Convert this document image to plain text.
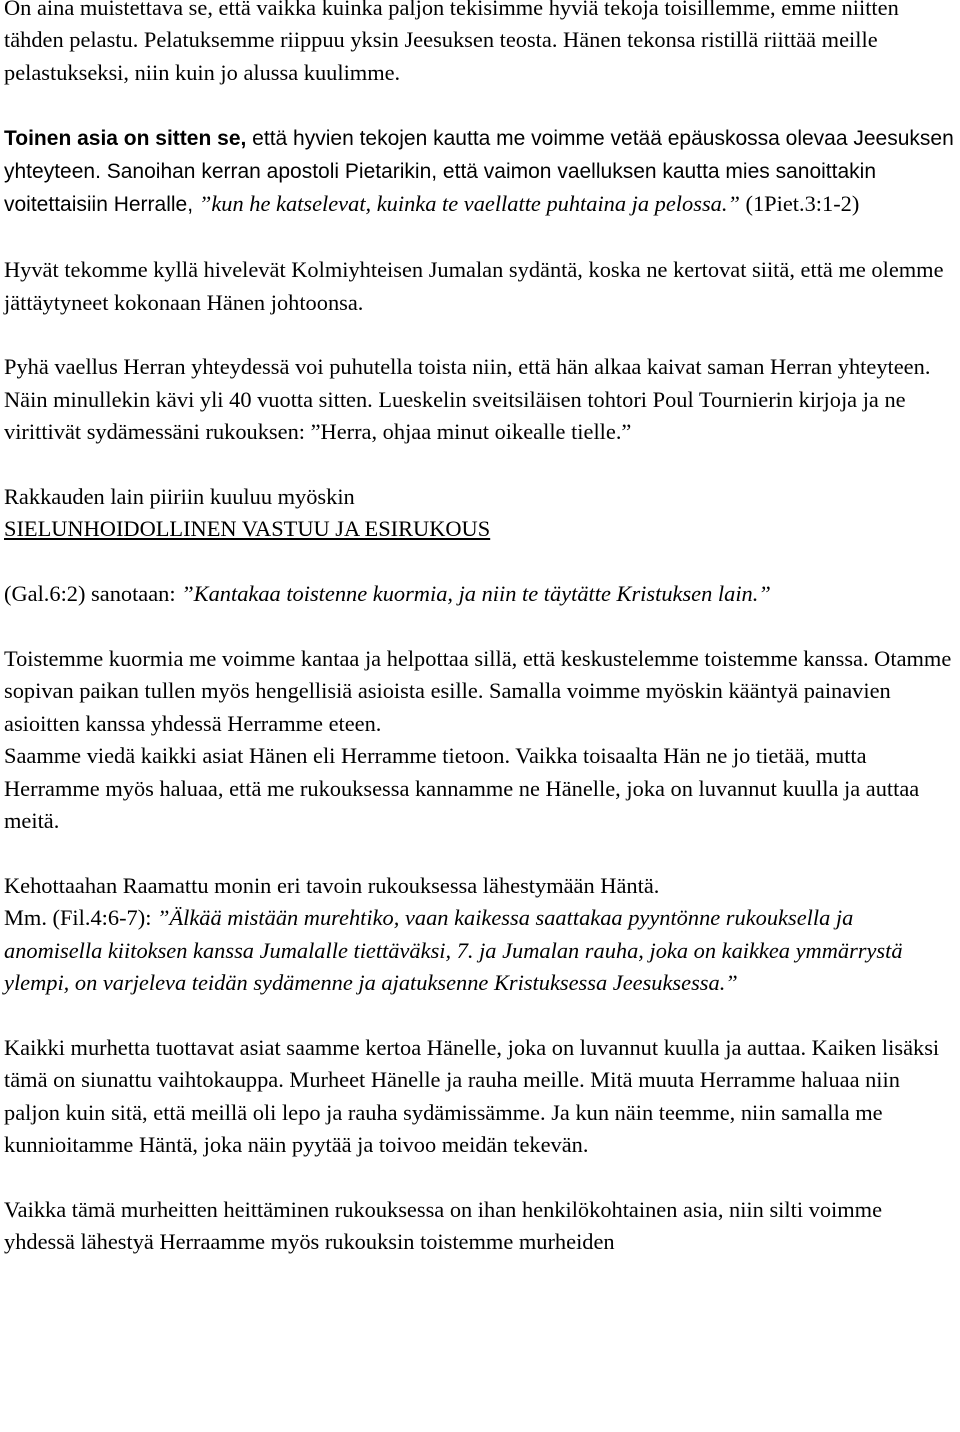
On aina muistettava se, että vaikka kuinka paljon tekisimme hyviä tekoja toisillemme, emme niitten tähden pelastu. Pelatuksemme riippuu yksin Jeesuksen teosta. Hänen tekonsa ristillä riittää meille pelastukseksi, niin kuin jo alussa kuulimme.

Toinen asia on sitten se, että hyvien tekojen kautta me voimme vetää epäuskossa olevaa Jeesuksen yhteyteen. Sanoihan kerran apostoli Pietarikin, että vaimon vaelluksen kautta mies sanoittakin voitettaisiin Herralle, ”kun he katselevat, kuinka te vaellatte puhtaina ja pelossa.” (1Piet.3:1-2)

Hyvät tekomme kyllä hivelevät Kolmiyhteisen Jumalan sydäntä, koska ne kertovat siitä, että me olemme jättäytyneet kokonaan Hänen johtoonsa.

Pyhä vaellus Herran yhteydessä voi puhutella toista niin, että hän alkaa kaivat saman Herran yhteyteen. Näin minullekin kävi yli 40 vuotta sitten. Lueskelin sveitsiläisen tohtori Poul Tournierin kirjoja ja ne virittivät sydämessäni rukouksen: ”Herra, ohjaa minut oikealle tielle.”

Rakkauden lain piiriin kuuluu myöskin

SIELUNHOIDOLLINEN VASTUU JA ESIRUKOUS

(Gal.6:2) sanotaan: ”Kantakaa toistenne kuormia, ja niin te täytätte Kristuksen lain.”

Toistemme kuormia me voimme kantaa ja helpottaa sillä, että keskustelemme toistemme kanssa. Otamme sopivan paikan tullen myös hengellisiä asioista esille. Samalla voimme myöskin kääntyä painavien asioitten kanssa yhdessä Herramme eteen.

Saamme viedä kaikki asiat Hänen eli Herramme tietoon. Vaikka toisaalta Hän ne jo tietää, mutta Herramme myös haluaa, että me rukouksessa kannamme ne Hänelle, joka on luvannut kuulla ja auttaa meitä.

Kehottaahan Raamattu monin eri tavoin rukouksessa lähestymään Häntä.

Mm. (Fil.4:6-7): ”Älkää mistään murehtiko, vaan kaikessa saattakaa pyyntönne rukouksella ja anomisella kiitoksen kanssa Jumalalle tiettäväksi, 7. ja Jumalan rauha, joka on kaikkea ymmärrystä ylempi, on varjeleva teidän sydämenne ja ajatuksenne Kristuksessa Jeesuksessa.”

Kaikki murhetta tuottavat asiat saamme kertoa Hänelle, joka on luvannut kuulla ja auttaa. Kaiken lisäksi tämä on siunattu vaihtokauppa. Murheet Hänelle ja rauha meille. Mitä muuta Herramme haluaa niin paljon kuin sitä, että meillä oli lepo ja rauha sydämissämme. Ja kun näin teemme, niin samalla me kunnioitamme Häntä, joka näin pyytää ja toivoo meidän tekevän.

Vaikka tämä murheitten heittäminen rukouksessa on ihan henkilökohtainen asia, niin silti voimme yhdessä lähestyä Herraamme myös rukouksin toistemme murheiden
